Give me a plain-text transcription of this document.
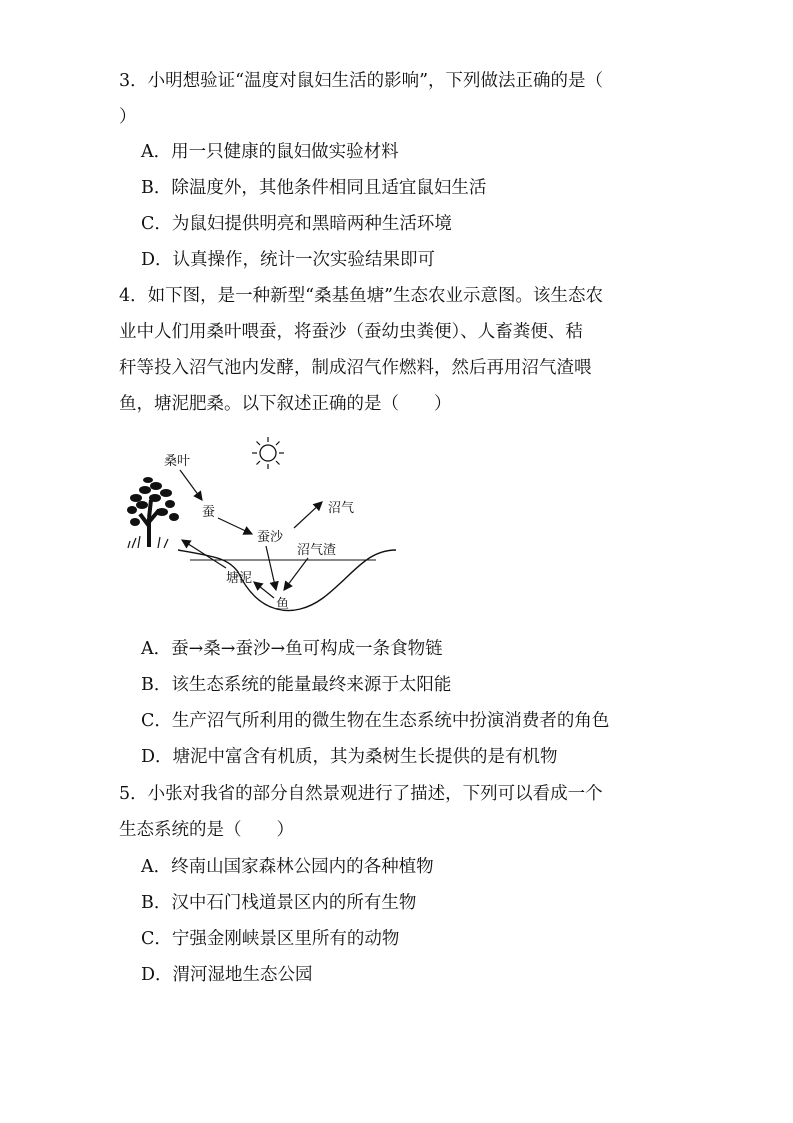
3．小明想验证“温度对鼠妇生活的影响”，下列做法正确的是（
）
A．用一只健康的鼠妇做实验材料
B．除温度外，其他条件相同且适宜鼠妇生活
C．为鼠妇提供明亮和黑暗两种生活环境
D．认真操作，统计一次实验结果即可
4．如下图，是一种新型“桑基鱼塘”生态农业示意图。该生态农
业中人们用桑叶喂蚕，将蚕沙（蚕幼虫粪便）、人畜粪便、秸
秆等投入沼气池内发酵，制成沼气作燃料，然后再用沼气渣喂
鱼，塘泥肥桑。以下叙述正确的是（　　）
桑叶
蚕
蚕沙
沼气
沼气渣
塘泥
鱼
A．蚕→桑→蚕沙→鱼可构成一条食物链
B．该生态系统的能量最终来源于太阳能
C．生产沼气所利用的微生物在生态系统中扮演消费者的角色
D．塘泥中富含有机质，其为桑树生长提供的是有机物
5．小张对我省的部分自然景观进行了描述，下列可以看成一个
生态系统的是（　　）
A．终南山国家森林公园内的各种植物
B．汉中石门栈道景区内的所有生物
C．宁强金刚峡景区里所有的动物
D．渭河湿地生态公园
